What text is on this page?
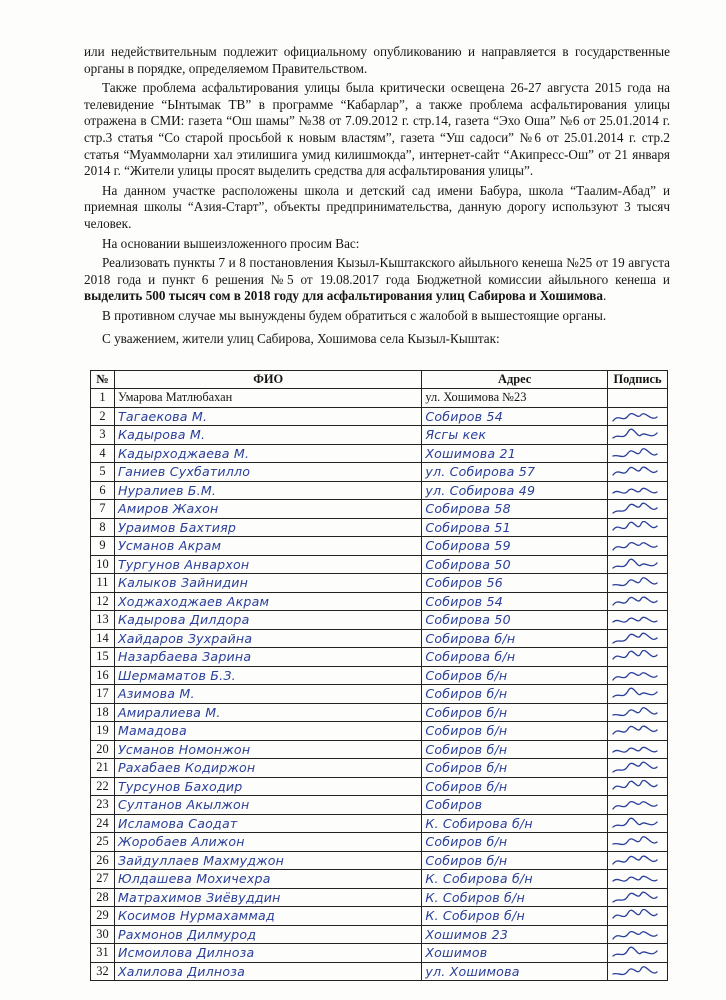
или недействительным подлежит официальному опубликованию и направляется в государственные органы в порядке, определяемом Правительством.

Также проблема асфальтирования улицы была критически освещена 26-27 августа 2015 года на телевидение “Ынтымак ТВ” в программе “Кабарлар”, а также проблема асфальтирования улицы отражена в СМИ: газета “Ош шамы” №38 от 7.09.2012 г. стр.14, газета “Эхо Оша” №6 от 25.01.2014 г. стр.3 статья “Со старой просьбой к новым властям”, газета “Уш садоси” №6 от 25.01.2014 г. стр.2 статья “Муаммоларни хал этилишига умид килишмокда”, интернет-сайт “Акипресс-Ош” от 21 января 2014 г. “Жители улицы просят выделить средства для асфальтирования улицы”.

На данном участке расположены школа и детский сад имени Бабура, школа “Таалим-Абад” и приемная школы “Азия-Старт”, объекты предпринимательства, данную дорогу используют 3 тысяч человек.

На основании вышеизложенного просим Вас:

Реализовать пункты 7 и 8 постановления Кызыл-Кыштакского айыльного кенеша №25 от 19 августа 2018 года и пункт 6 решения №5 от 19.08.2017 года Бюджетной комиссии айыльного кенеша и выделить 500 тысяч сом в 2018 году для асфальтирования улиц Сабирова и Хошимова.

В противном случае мы вынуждены будем обратиться с жалобой в вышестоящие органы.

С уважением, жители улиц Сабирова, Хошимова села Кызыл-Кыштак:

№	ФИО	Адрес	Подпись
1	Умарова Матлюбахан	ул. Хошимова №23	
2	Тагаекова М.	Собиров 54	
3	Кадырова М.	Ясгы кек	
4	Кадырходжаева М.	Хошимова 21	
5	Ганиев Сухбатилло	ул. Собирова 57	
6	Нуралиев Б.М.	ул. Собирова 49	
7	Амиров Жахон	Собирова 58	
8	Ураимов Бахтияр	Собирова 51	
9	Усманов Акрам	Собирова 59	
10	Тургунов Анвархон	Собирова 50	
11	Калыков Зайнидин	Собиров 56	
12	Ходжаходжаев Акрам	Собиров 54	
13	Кадырова Дилдора	Собирова 50	
14	Хайдаров Зухрайна	Собирова б/н	
15	Назарбаева Зарина	Собирова б/н	
16	Шермаматов Б.З.	Собиров б/н	
17	Азимова М.	Собиров б/н	
18	Амиралиева М.	Собиров б/н	
19	Мамадова	Собиров б/н	
20	Усманов Номонжон	Собиров б/н	
21	Рахабаев Кодиржон	Собиров б/н	
22	Турсунов Баходир	Собиров б/н	
23	Султанов Акылжон	Собиров	
24	Исламова Саодат	К. Собирова б/н	
25	Жоробаев Алижон	Собиров б/н	
26	Зайдуллаев Махмуджон	Собиров б/н	
27	Юлдашева Мохичехра	К. Собирова б/н	
28	Матрахимов Зиёвуддин	К. Собиров б/н	
29	Косимов Нурмахаммад	К. Собиров б/н	
30	Рахмонов Дилмурод	Хошимов 23	
31	Исмоилова Дилноза	Хошимов	
32	Халилова Дилноза	ул. Хошимова	
